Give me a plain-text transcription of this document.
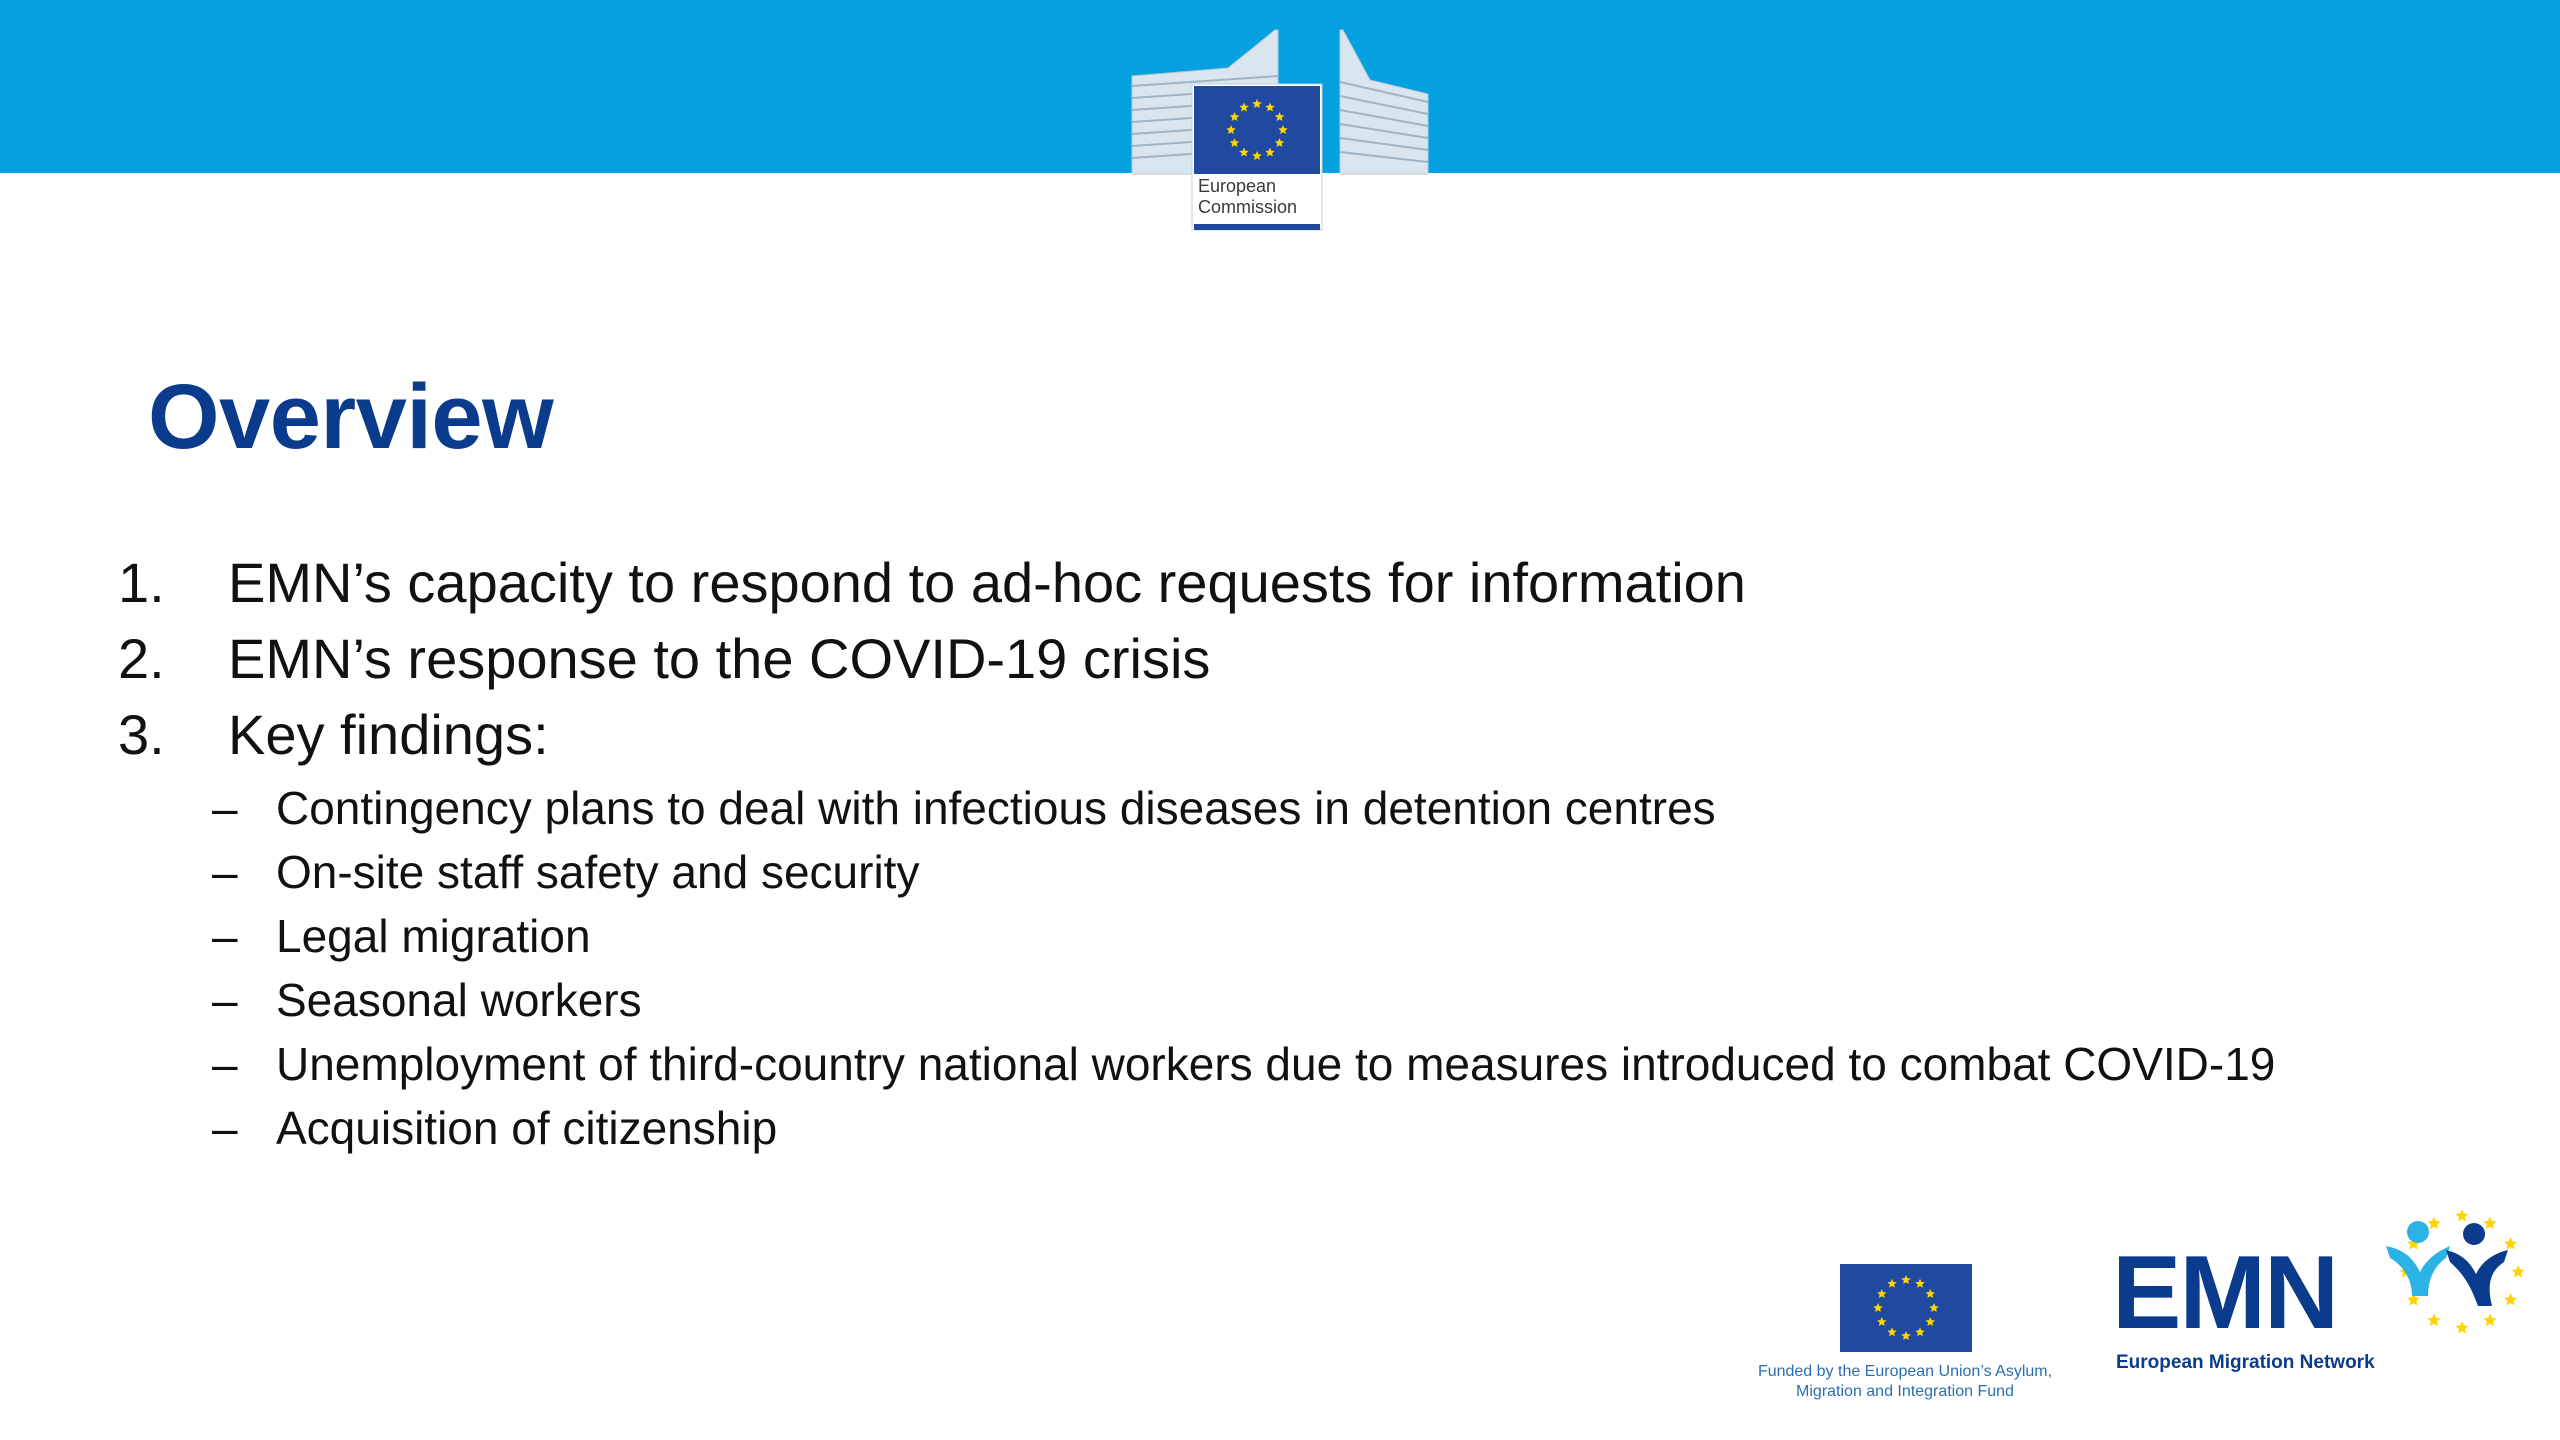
European
Commission
Overview
1. EMN’s capacity to respond to ad-hoc requests for information
2. EMN’s response to the COVID-19 crisis
3. Key findings:
– Contingency plans to deal with infectious diseases in detention centres
– On-site staff safety and security
– Legal migration
– Seasonal workers
– Unemployment of third-country national workers due to measures introduced to combat COVID-19
– Acquisition of citizenship
Funded by the European Union’s Asylum,
Migration and Integration Fund
EMN
European Migration Network
